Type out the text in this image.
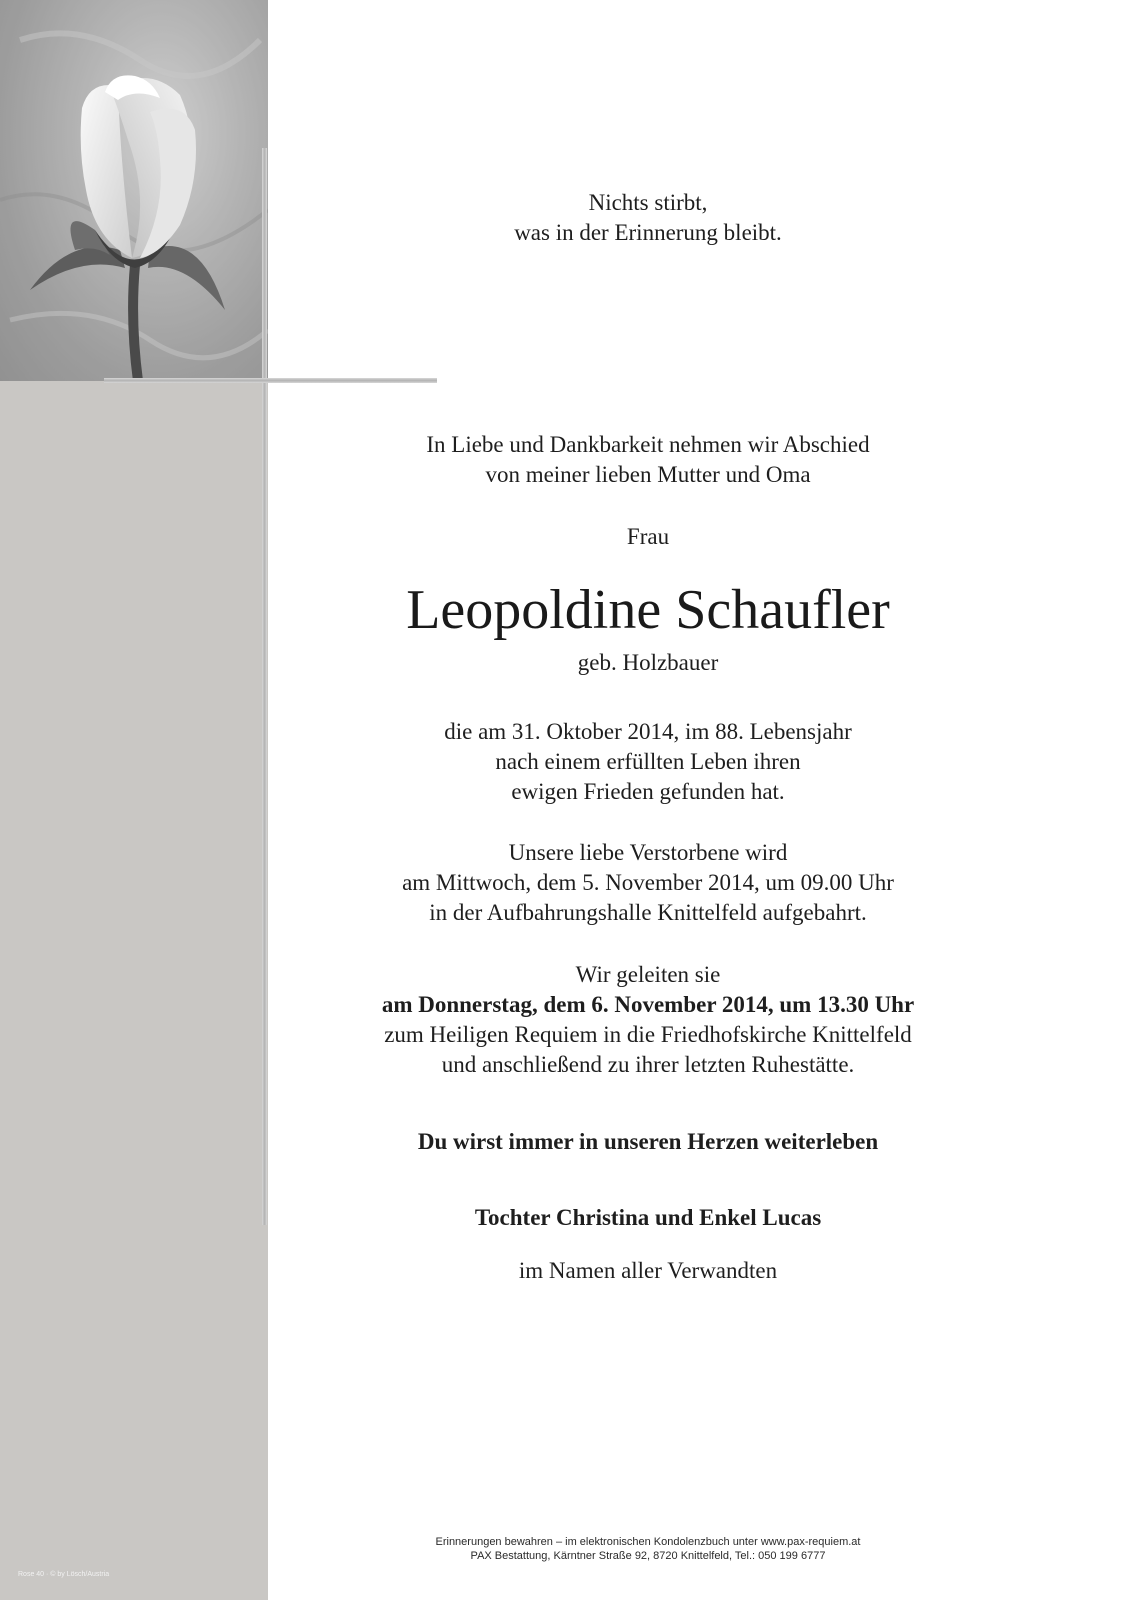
Rose 40 · © by Lösch/Austria
Nichts stirbt,
was in der Erinnerung bleibt.
In Liebe und Dankbarkeit nehmen wir Abschied
von meiner lieben Mutter und Oma
Frau
Leopoldine Schaufler
geb. Holzbauer
die am 31. Oktober 2014, im 88. Lebensjahr
nach einem erfüllten Leben ihren
ewigen Frieden gefunden hat.
Unsere liebe Verstorbene wird
am Mittwoch, dem 5. November 2014, um 09.00 Uhr
in der Aufbahrungshalle Knittelfeld aufgebahrt.
Wir geleiten sie
am Donnerstag, dem 6. November 2014, um 13.30 Uhr
zum Heiligen Requiem in die Friedhofskirche Knittelfeld
und anschließend zu ihrer letzten Ruhestätte.
Du wirst immer in unseren Herzen weiterleben
Tochter Christina und Enkel Lucas
im Namen aller Verwandten
Erinnerungen bewahren – im elektronischen Kondolenzbuch unter www.pax-requiem.at
PAX Bestattung, Kärntner Straße 92, 8720 Knittelfeld, Tel.: 050 199 6777
